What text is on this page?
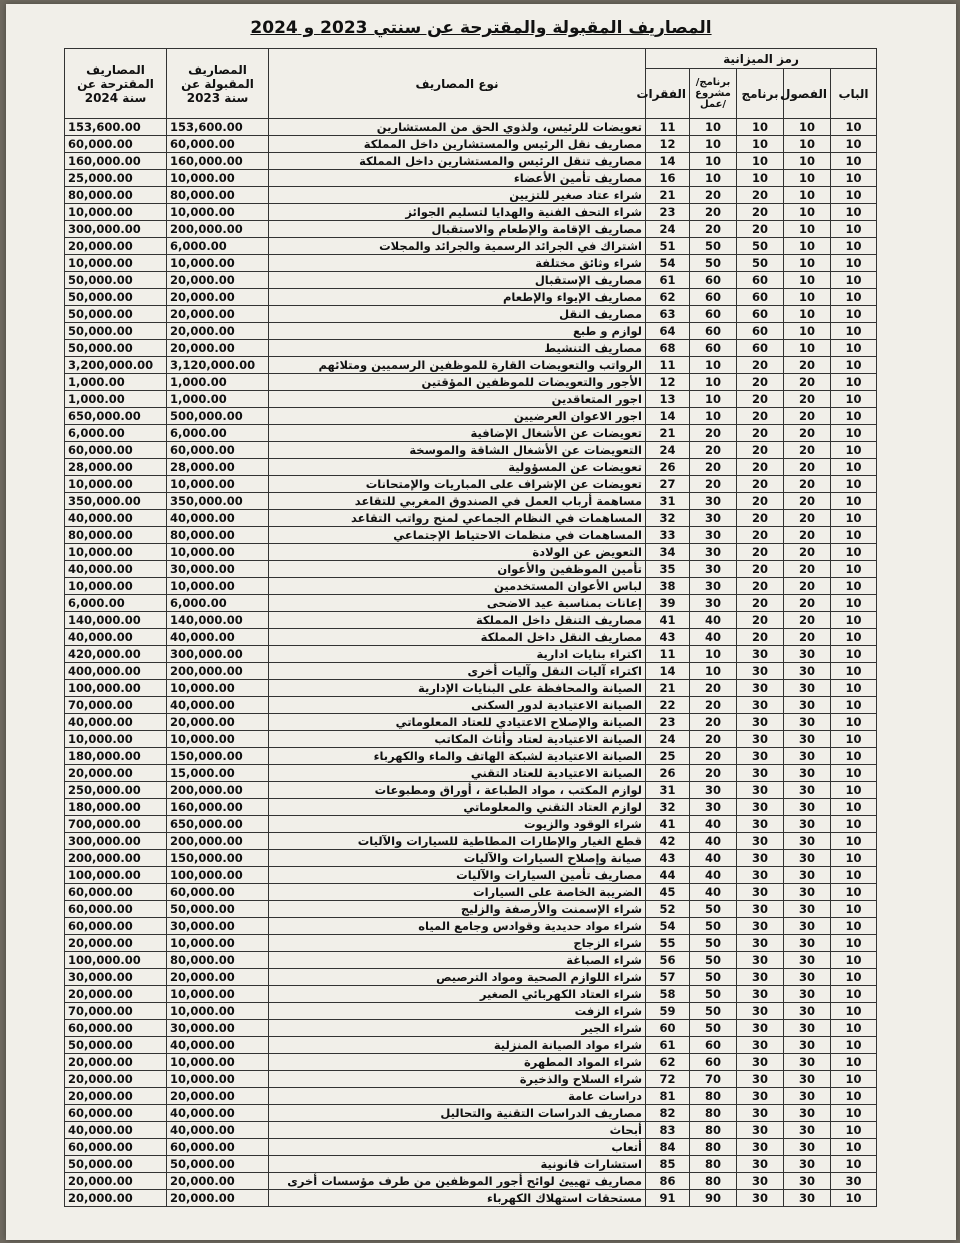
المصاريف المقبولة والمقترحة عن سنتي 2023 و 2024
رمز الميزانية					نوع المصاريف	المصاريف المقبولة عن سنة 2023	المصاريف المقترحة عن سنة 2024
الباب	الفصول	برنامج	برنامج/ مشروع /عمل	الفقرات			
10	10	10	10	11	تعويضات للرئيس، ولذوي الحق من المستشارين	153,600.00	153,600.00
10	10	10	10	12	مصاريف نقل الرئيس والمستشارين داخل المملكة	60,000.00	60,000.00
10	10	10	10	14	مصاريف تنقل الرئيس والمستشارين داخل المملكة	160,000.00	160,000.00
10	10	10	10	16	مصاريف تأمين الأعضاء	10,000.00	25,000.00
10	10	20	20	21	شراء عتاد صغير للتزيين	80,000.00	80,000.00
10	10	20	20	23	شراء التحف الفنية والهدايا لتسليم الجوائز	10,000.00	10,000.00
10	10	20	20	24	مصاريف الإقامة والإطعام والاستقبال	200,000.00	300,000.00
10	10	50	50	51	اشتراك في الجرائد الرسمية والجرائد والمجلات	6,000.00	20,000.00
10	10	50	50	54	شراء وثائق مختلفة	10,000.00	10,000.00
10	10	60	60	61	مصاريف الإستقبال	20,000.00	50,000.00
10	10	60	60	62	مصاريف الإيواء والإطعام	20,000.00	50,000.00
10	10	60	60	63	مصاريف النقل	20,000.00	50,000.00
10	10	60	60	64	لوازم و طبع	20,000.00	50,000.00
10	10	60	60	68	مصاريف التنشيط	20,000.00	50,000.00
10	20	20	10	11	الرواتب والتعويضات القارة للموظفين الرسميين ومتلائهم	3,120,000.00	3,200,000.00
10	20	20	10	12	الأجور والتعويضات للموظفين المؤقتين	1,000.00	1,000.00
10	20	20	10	13	اجور المتعاقدين	1,000.00	1,000.00
10	20	20	10	14	اجور الاعوان العرضيين	500,000.00	650,000.00
10	20	20	20	21	تعويضات عن الأشغال الإضافية	6,000.00	6,000.00
10	20	20	20	24	التعويضات عن الأشغال الشاقة والموسخة	60,000.00	60,000.00
10	20	20	20	26	تعويضات عن المسؤولية	28,000.00	28,000.00
10	20	20	20	27	تعويضات عن الإشراف على المباريات والإمتحانات	10,000.00	10,000.00
10	20	20	30	31	مساهمة أرباب العمل في الصندوق المغربي للتقاعد	350,000.00	350,000.00
10	20	20	30	32	المساهمات في النظام الجماعي لمنح رواتب التقاعد	40,000.00	40,000.00
10	20	20	30	33	المساهمات في منظمات الاحتياط الإجتماعي	80,000.00	80,000.00
10	20	20	30	34	التعويض عن الولادة	10,000.00	10,000.00
10	20	20	30	35	تأمين الموظفين والأعوان	30,000.00	40,000.00
10	20	20	30	38	لباس الأعوان المستخدمين	10,000.00	10,000.00
10	20	20	30	39	إعانات بمناسبة عيد الاضحى	6,000.00	6,000.00
10	20	20	40	41	مصاريف التنقل داخل المملكة	140,000.00	140,000.00
10	20	20	40	43	مصاريف النقل داخل المملكة	40,000.00	40,000.00
10	30	30	10	11	اكتراء بنايات ادارية	300,000.00	420,000.00
10	30	30	10	14	اكتراء آليات النقل وآليات أخرى	200,000.00	400,000.00
10	30	30	20	21	الصيانة والمحافظة على البنايات الإدارية	10,000.00	100,000.00
10	30	30	20	22	الصيانة الاعتيادية لدور السكنى	40,000.00	70,000.00
10	30	30	20	23	الصيانة والإصلاح الاعتيادي للعتاد المعلوماتي	20,000.00	40,000.00
10	30	30	20	24	الصيانة الاعتيادية لعتاد وأثاث المكاتب	10,000.00	10,000.00
10	30	30	20	25	الصيانة الاعتيادية لشبكة الهاتف والماء والكهرباء	150,000.00	180,000.00
10	30	30	20	26	الصيانة الاعتيادية للعتاد التقني	15,000.00	20,000.00
10	30	30	30	31	لوازم المكتب ، مواد الطباعة ، أوراق ومطبوعات	200,000.00	250,000.00
10	30	30	30	32	لوازم العتاد التقني والمعلوماتي	160,000.00	180,000.00
10	30	30	40	41	شراء الوقود والزيوت	650,000.00	700,000.00
10	30	30	40	42	قطع الغيار والإطارات المطاطية للسيارات والآليات	200,000.00	300,000.00
10	30	30	40	43	صيانة وإصلاح السيارات والآليات	150,000.00	200,000.00
10	30	30	40	44	مصاريف تأمين السيارات والآليات	100,000.00	100,000.00
10	30	30	40	45	الضريبة الخاصة على السيارات	60,000.00	60,000.00
10	30	30	50	52	شراء الإسمنت والأرصفة والزليج	50,000.00	60,000.00
10	30	30	50	54	شراء مواد حديدية وقوادس وجامع المياه	30,000.00	60,000.00
10	30	30	50	55	شراء الزجاج	10,000.00	20,000.00
10	30	30	50	56	شراء الصباغة	80,000.00	100,000.00
10	30	30	50	57	شراء اللوازم الصحية ومواد الترصيص	20,000.00	30,000.00
10	30	30	50	58	شراء العتاد الكهربائي الصغير	10,000.00	20,000.00
10	30	30	50	59	شراء الزفت	10,000.00	70,000.00
10	30	30	50	60	شراء الجير	30,000.00	60,000.00
10	30	30	60	61	شراء مواد الصيانة المنزلية	40,000.00	50,000.00
10	30	30	60	62	شراء المواد المطهرة	10,000.00	20,000.00
10	30	30	70	72	شراء السلاح والذخيرة	10,000.00	20,000.00
10	30	30	80	81	دراسات عامة	20,000.00	20,000.00
10	30	30	80	82	مصاريف الدراسات التقنية والتحاليل	40,000.00	60,000.00
10	30	30	80	83	أبحاث	40,000.00	40,000.00
10	30	30	80	84	أتعاب	60,000.00	60,000.00
10	30	30	80	85	استشارات قانونية	50,000.00	50,000.00
30	30	30	80	86	مصاريف تهييئ لوائح أجور الموظفين من طرف مؤسسات أخرى	20,000.00	20,000.00
10	30	30	90	91	مستحقات استهلاك الكهرباء	20,000.00	20,000.00
